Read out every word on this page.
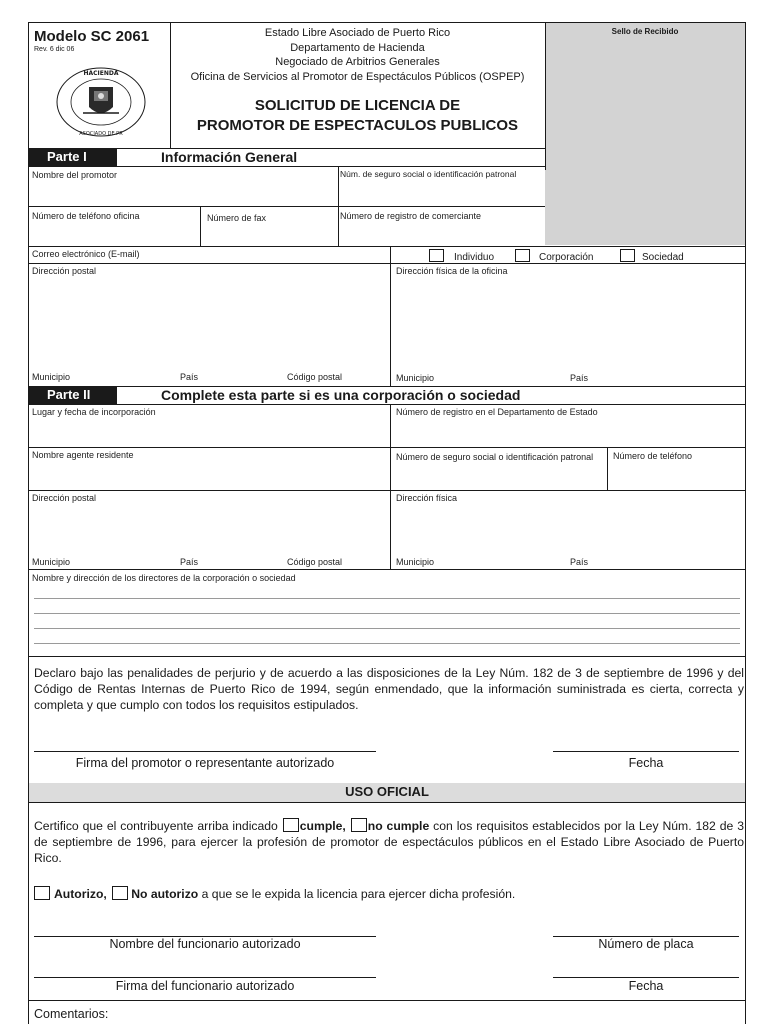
Sello de Recibido
Modelo SC 2061
Rev. 6 dic 06
HACIENDA
ASOCIADO DE PR
Estado Libre Asociado de Puerto Rico
Departamento de Hacienda
Negociado de Arbitrios Generales
Oficina de Servicios al Promotor de Espectáculos Públicos (OSPEP)
SOLICITUD DE LICENCIA DE
PROMOTOR DE ESPECTACULOS PUBLICOS
Parte I	Información General
Nombre del promotor	Núm. de seguro social o identificación patronal
Número de teléfono oficina	Número de fax	Número de registro de comerciante
Correo electrónico (E-mail)	Individuo	Corporación	Sociedad
Dirección postal	Dirección física de la oficina
Municipio	País	Código postal	Municipio	País
Parte II	Complete esta parte si es una corporación o sociedad
Lugar y fecha de incorporación	Número de registro en el Departamento de Estado
Nombre agente residente	Número de seguro social o identificación patronal	Número de teléfono
Dirección postal	Dirección física
Municipio	País	Código postal	Municipio	País
Nombre y dirección de los directores de la corporación o sociedad
Declaro bajo las penalidades de perjurio y de acuerdo a las disposiciones de la Ley Núm. 182 de 3 de septiembre de 1996 y del Código de Rentas Internas de Puerto Rico de 1994, según enmendado, que la información suministrada es cierta, correcta y completa y que cumplo con todos los requisitos estipulados.
Firma del promotor o representante autorizado	Fecha
USO OFICIAL
Certifico que el contribuyente arriba indicado cumple, no cumple con los requisitos establecidos por la Ley Núm. 182 de 3 de septiembre de 1996, para ejercer la profesión de promotor de espectáculos públicos en el Estado Libre Asociado de Puerto Rico.
Autorizo, No autorizo a que se le expida la licencia para ejercer dicha profesión.
Nombre del funcionario autorizado	Número de placa
Firma del funcionario autorizado	Fecha
Comentarios:
